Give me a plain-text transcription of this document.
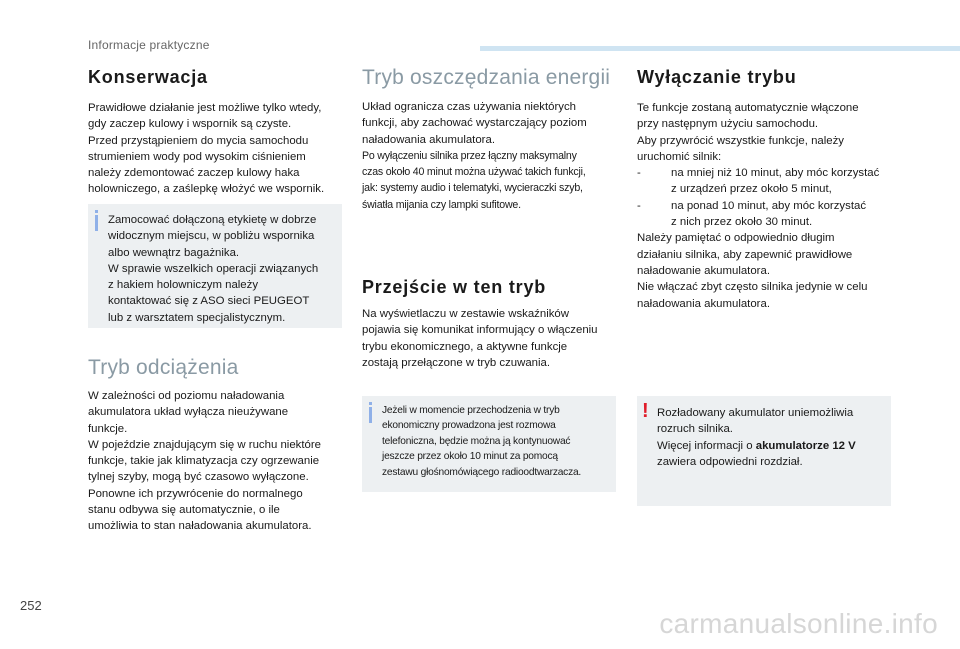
Informacje praktyczne
Konserwacja

Prawidłowe działanie jest możliwe tylko wtedy,
gdy zaczep kulowy i wspornik są czyste.
Przed przystąpieniem do mycia samochodu
strumieniem wody pod wysokim ciśnieniem
należy zdemontować zaczep kulowy haka
holowniczego, a zaślepkę włożyć we wspornik.

Zamocować dołączoną etykietę w dobrze
widocznym miejscu, w pobliżu wspornika
albo wewnątrz bagażnika.
W sprawie wszelkich operacji związanych
z hakiem holowniczym należy
kontaktować się z ASO sieci PEUGEOT
lub z warsztatem specjalistycznym.

Tryb odciążenia

W zależności od poziomu naładowania
akumulatora układ wyłącza nieużywane
funkcje.
W pojeździe znajdującym się w ruchu niektóre
funkcje, takie jak klimatyzacja czy ogrzewanie
tylnej szyby, mogą być czasowo wyłączone.
Ponowne ich przywrócenie do normalnego
stanu odbywa się automatycznie, o ile
umożliwia to stan naładowania akumulatora.

Tryb oszczędzania energii

Układ ogranicza czas używania niektórych
funkcji, aby zachować wystarczający poziom
naładowania akumulatora.

Po wyłączeniu silnika przez łączny maksymalny
czas około 40 minut można używać takich funkcji,
jak: systemy audio i telematyki, wycieraczki szyb,
światła mijania czy lampki sufitowe.

Przejście w ten tryb

Na wyświetlaczu w zestawie wskaźników
pojawia się komunikat informujący o włączeniu
trybu ekonomicznego, a aktywne funkcje
zostają przełączone w tryb czuwania.

Jeżeli w momencie przechodzenia w tryb
ekonomiczny prowadzona jest rozmowa
telefoniczna, będzie można ją kontynuować
jeszcze przez około 10 minut za pomocą
zestawu głośnomówiącego radioodtwarzacza.

Wyłączanie trybu

Te funkcje zostaną automatycznie włączone
przy następnym użyciu samochodu.
Aby przywrócić wszystkie funkcje, należy
uruchomić silnik:

-	na mniej niż 10 minut, aby móc korzystać
z urządzeń przez około 5 minut,
-	na ponad 10 minut, aby móc korzystać
z nich przez około 30 minut.

Należy pamiętać o odpowiednio długim
działaniu silnika, aby zapewnić prawidłowe
naładowanie akumulatora.
Nie włączać zbyt często silnika jedynie w celu
naładowania akumulatora.

! Rozładowany akumulator uniemożliwia
rozruch silnika.
Więcej informacji o akumulatorze 12 V
zawiera odpowiedni rozdział.

252
carmanualsonline.info
